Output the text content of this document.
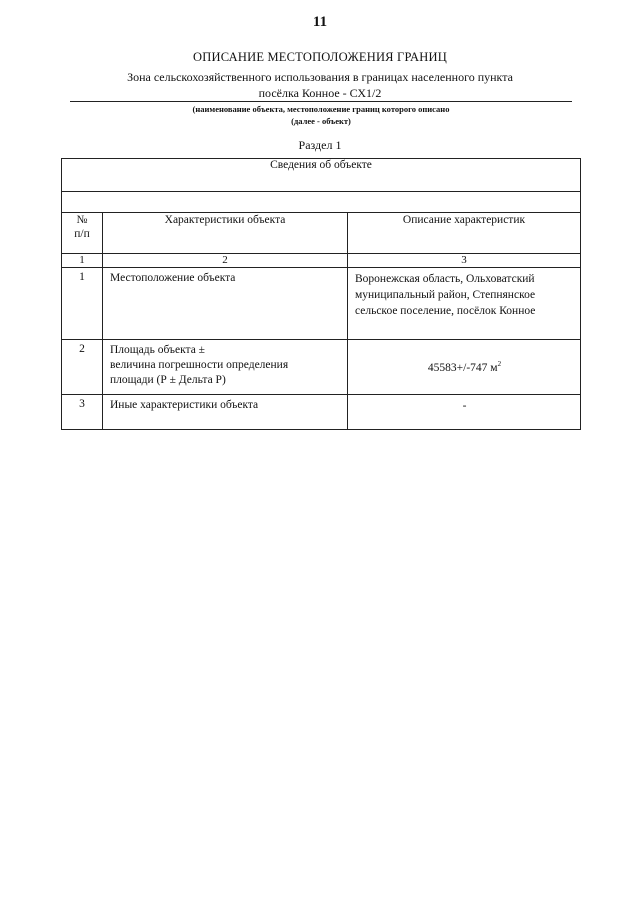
11
ОПИСАНИЕ МЕСТОПОЛОЖЕНИЯ ГРАНИЦ
Зона сельскохозяйственного использования в границах населенного пункта
посёлка Конное - СХ1/2
(наименование объекта, местоположение границ которого описано
(далее - объект)
Раздел 1
Сведения об объекте		

№
п/п	Характеристики объекта	Описание характеристик
1	2	3
1	Местоположение объекта	Воронежская область, Ольховатский
муниципальный район, Степнянское
сельское поселение, посёлок Конное

2	Площадь объекта ±
величина погрешности определения
площади (Р ± Дельта Р)	45583+/-747 $м^2$
3	Иные характеристики объекта	-
